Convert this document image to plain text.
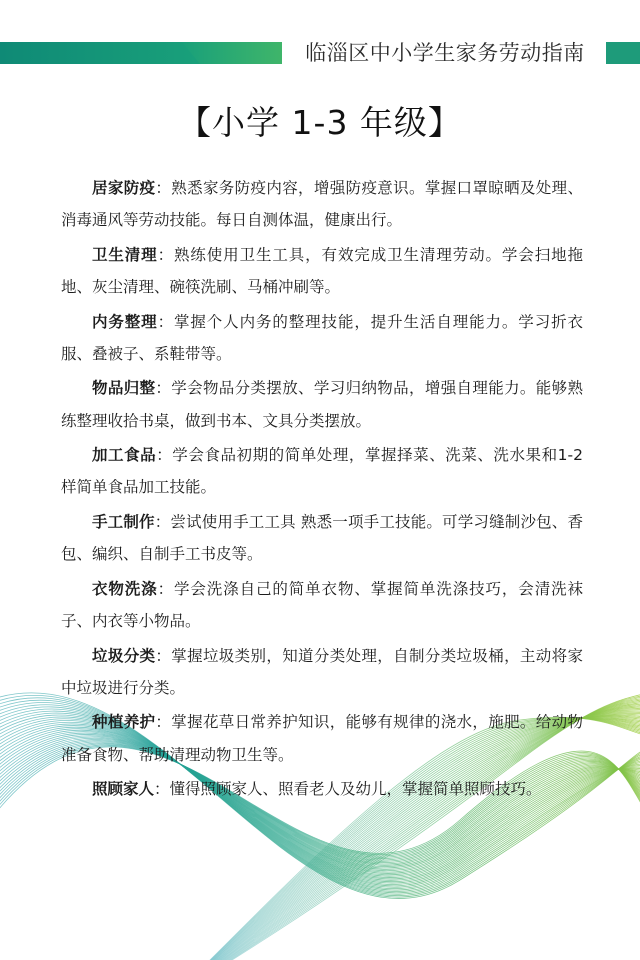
临淄区中小学生家务劳动指南
【小学 1-3 年级】

居家防疫：熟悉家务防疫内容，增强防疫意识。掌握口罩晾晒及处理、消毒通风等劳动技能。每日自测体温，健康出行。

卫生清理：熟练使用卫生工具，有效完成卫生清理劳动。学会扫地拖地、灰尘清理、碗筷洗刷、马桶冲刷等。

内务整理：掌握个人内务的整理技能，提升生活自理能力。学习折衣服、叠被子、系鞋带等。

物品归整：学会物品分类摆放、学习归纳物品，增强自理能力。能够熟练整理收拾书桌，做到书本、文具分类摆放。

加工食品：学会食品初期的简单处理，掌握择菜、洗菜、洗水果和1-2 样简单食品加工技能。

手工制作：尝试使用手工工具 熟悉一项手工技能。可学习缝制沙包、香包、编织、自制手工书皮等。

衣物洗涤：学会洗涤自己的简单衣物、掌握简单洗涤技巧，会清洗袜子、内衣等小物品。

垃圾分类：掌握垃圾类别，知道分类处理，自制分类垃圾桶，主动将家中垃圾进行分类。

种植养护：掌握花草日常养护知识，能够有规律的浇水，施肥。给动物准备食物、帮助清理动物卫生等。

照顾家人：懂得照顾家人、照看老人及幼儿，掌握简单照顾技巧。
